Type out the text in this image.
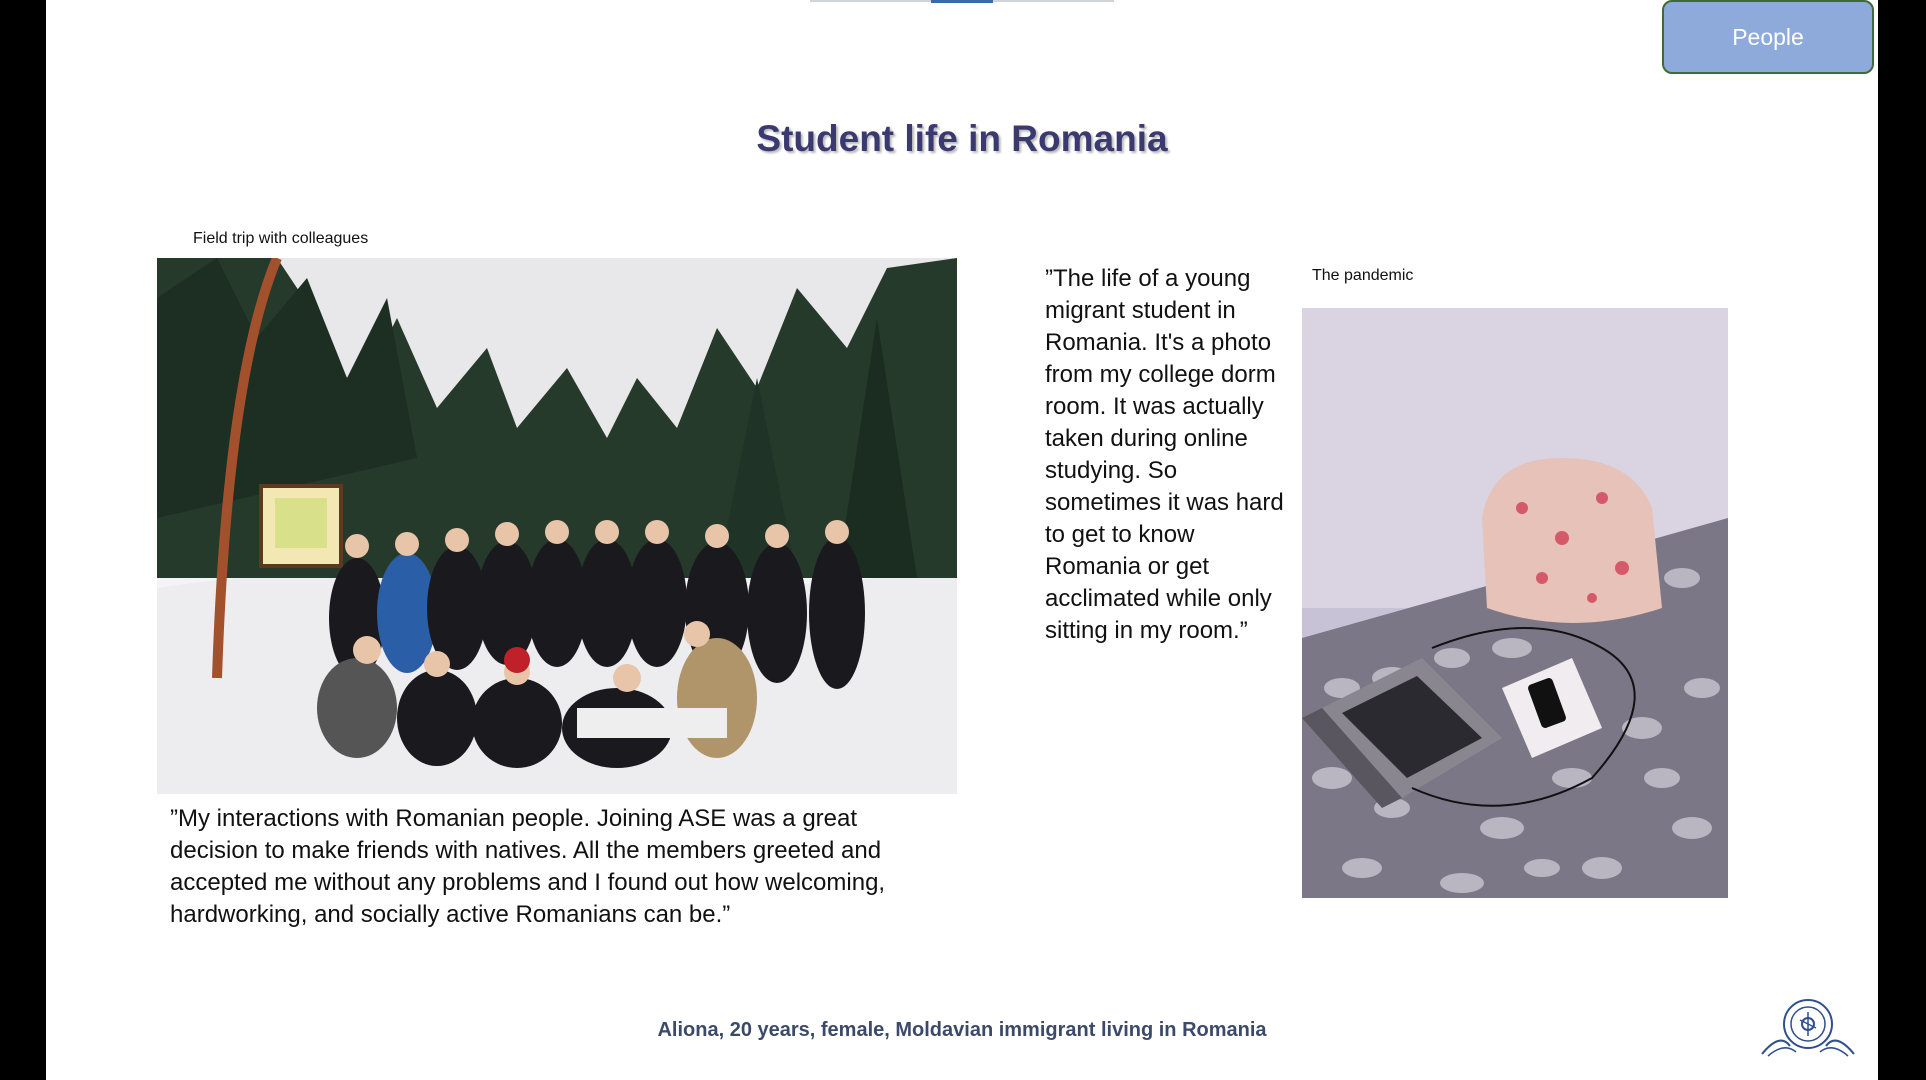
People
Student life in Romania
Field trip with colleagues
”My interactions with Romanian people. Joining ASE was a great decision to make friends with natives. All the members greeted and accepted me without any problems and I found out how welcoming, hardworking, and socially active Romanians can be.”
”The life of a young migrant student in Romania. It's a photo from my college dorm room. It was actually taken during online studying. So sometimes it was hard to get to know Romania or get acclimated while only sitting in my room.”
The pandemic
Aliona, 20 years, female, Moldavian immigrant living in Romania
